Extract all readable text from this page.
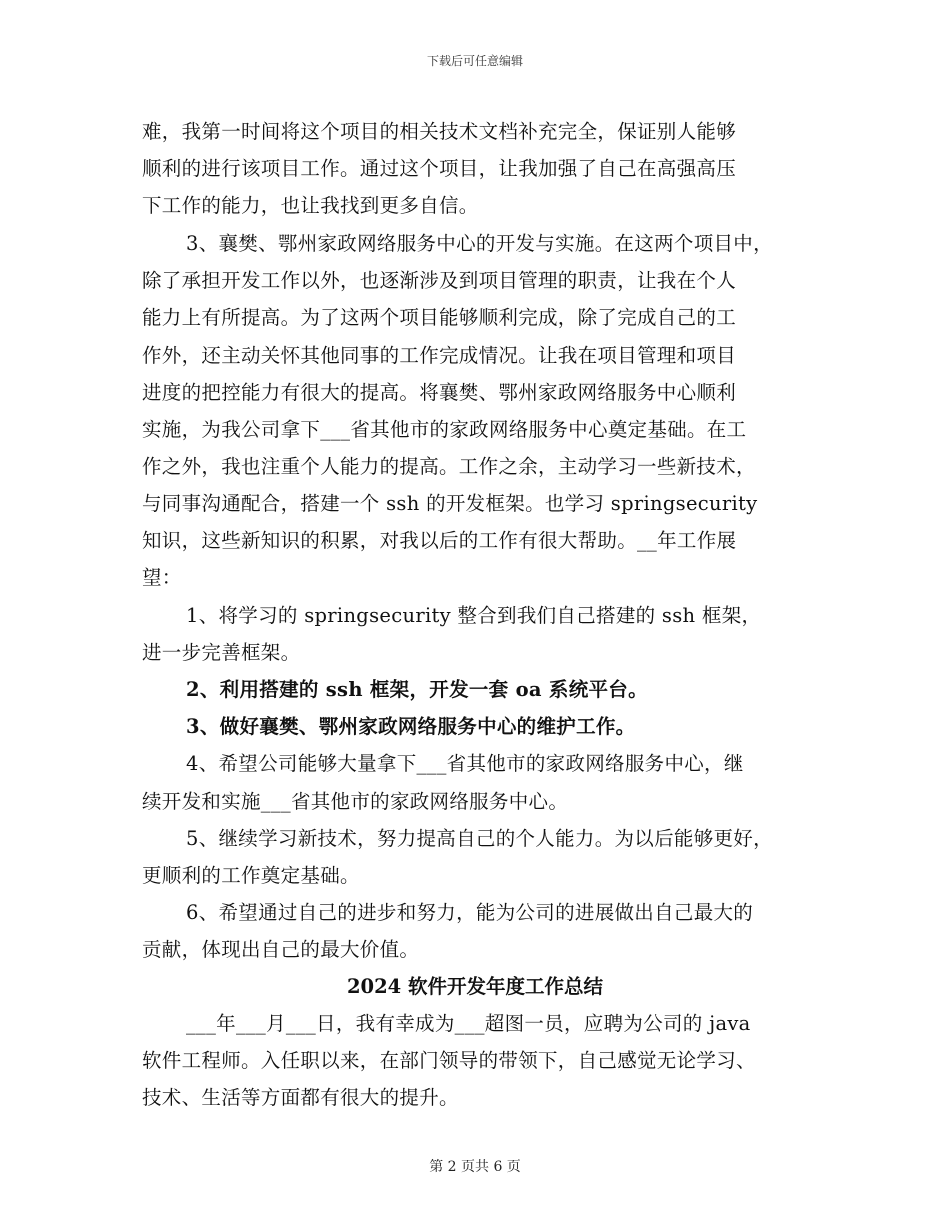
下载后可任意编辑
难，我第一时间将这个项目的相关技术文档补充完全，保证别人能够
顺利的进行该项目工作。通过这个项目，让我加强了自己在高强高压
下工作的能力，也让我找到更多自信。
3、襄樊、鄂州家政网络服务中心的开发与实施。在这两个项目中，
除了承担开发工作以外，也逐渐涉及到项目管理的职责，让我在个人
能力上有所提高。为了这两个项目能够顺利完成，除了完成自己的工
作外，还主动关怀其他同事的工作完成情况。让我在项目管理和项目
进度的把控能力有很大的提高。将襄樊、鄂州家政网络服务中心顺利
实施，为我公司拿下___省其他市的家政网络服务中心奠定基础。在工
作之外，我也注重个人能力的提高。工作之余，主动学习一些新技术，
与同事沟通配合，搭建一个 ssh 的开发框架。也学习 springsecurity
知识，这些新知识的积累，对我以后的工作有很大帮助。__年工作展
望：
1、将学习的 springsecurity 整合到我们自己搭建的 ssh 框架，
进一步完善框架。
2、利用搭建的 ssh 框架，开发一套 oa 系统平台。
3、做好襄樊、鄂州家政网络服务中心的维护工作。
4、希望公司能够大量拿下___省其他市的家政网络服务中心，继
续开发和实施___省其他市的家政网络服务中心。
5、继续学习新技术，努力提高自己的个人能力。为以后能够更好，
更顺利的工作奠定基础。
6、希望通过自己的进步和努力，能为公司的进展做出自己最大的
贡献，体现出自己的最大价值。
2024 软件开发年度工作总结
___年___月___日，我有幸成为___超图一员，应聘为公司的 java
软件工程师。入任职以来，在部门领导的带领下，自己感觉无论学习、
技术、生活等方面都有很大的提升。
第 2 页共 6 页
